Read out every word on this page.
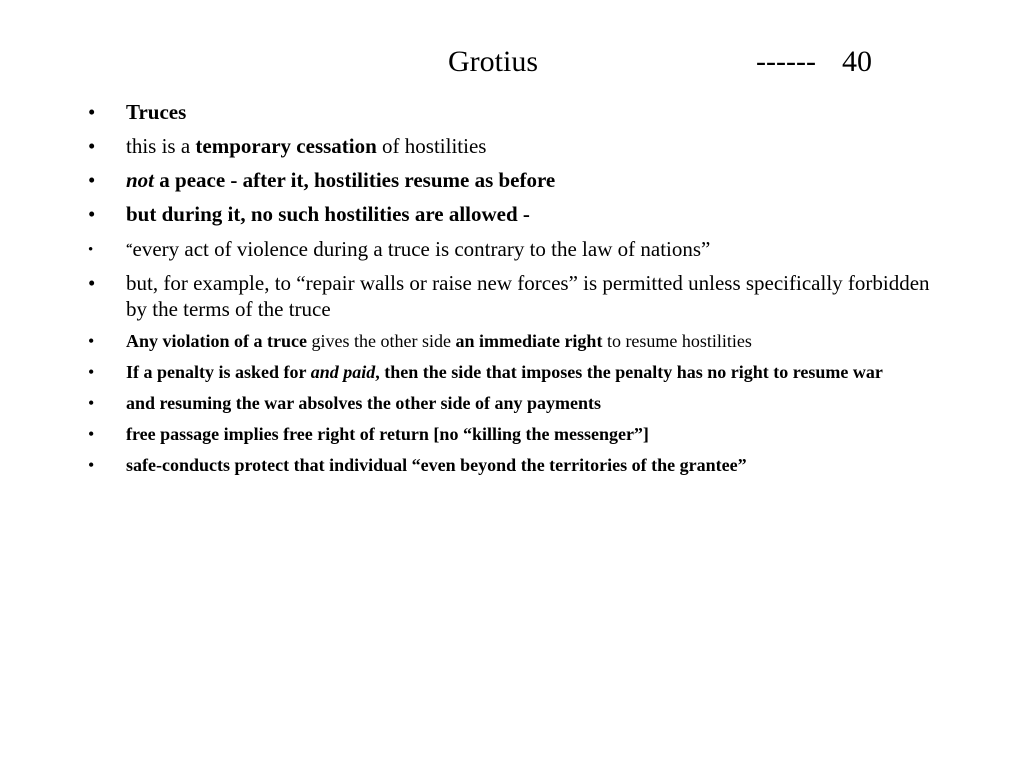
Grotius	------ 40
• Truces
• this is a temporary cessation of hostilities
• not a peace - after it, hostilities resume as before
• but during it, no such hostilities are allowed -
•	“every act of violence during a truce is contrary to the law of nations”
• but, for example, to “repair walls or raise new forces” is permitted unless specifically forbidden by the terms of the truce
• Any violation of a truce gives the other side an immediate right to resume hostilities
• If a penalty is asked for and paid, then the side that imposes the penalty has no right to resume war
• and resuming the war absolves the other side of any payments
• free passage implies free right of return [no “killing the messenger”]
• safe-conducts protect that individual “even beyond the territories of the grantee”
